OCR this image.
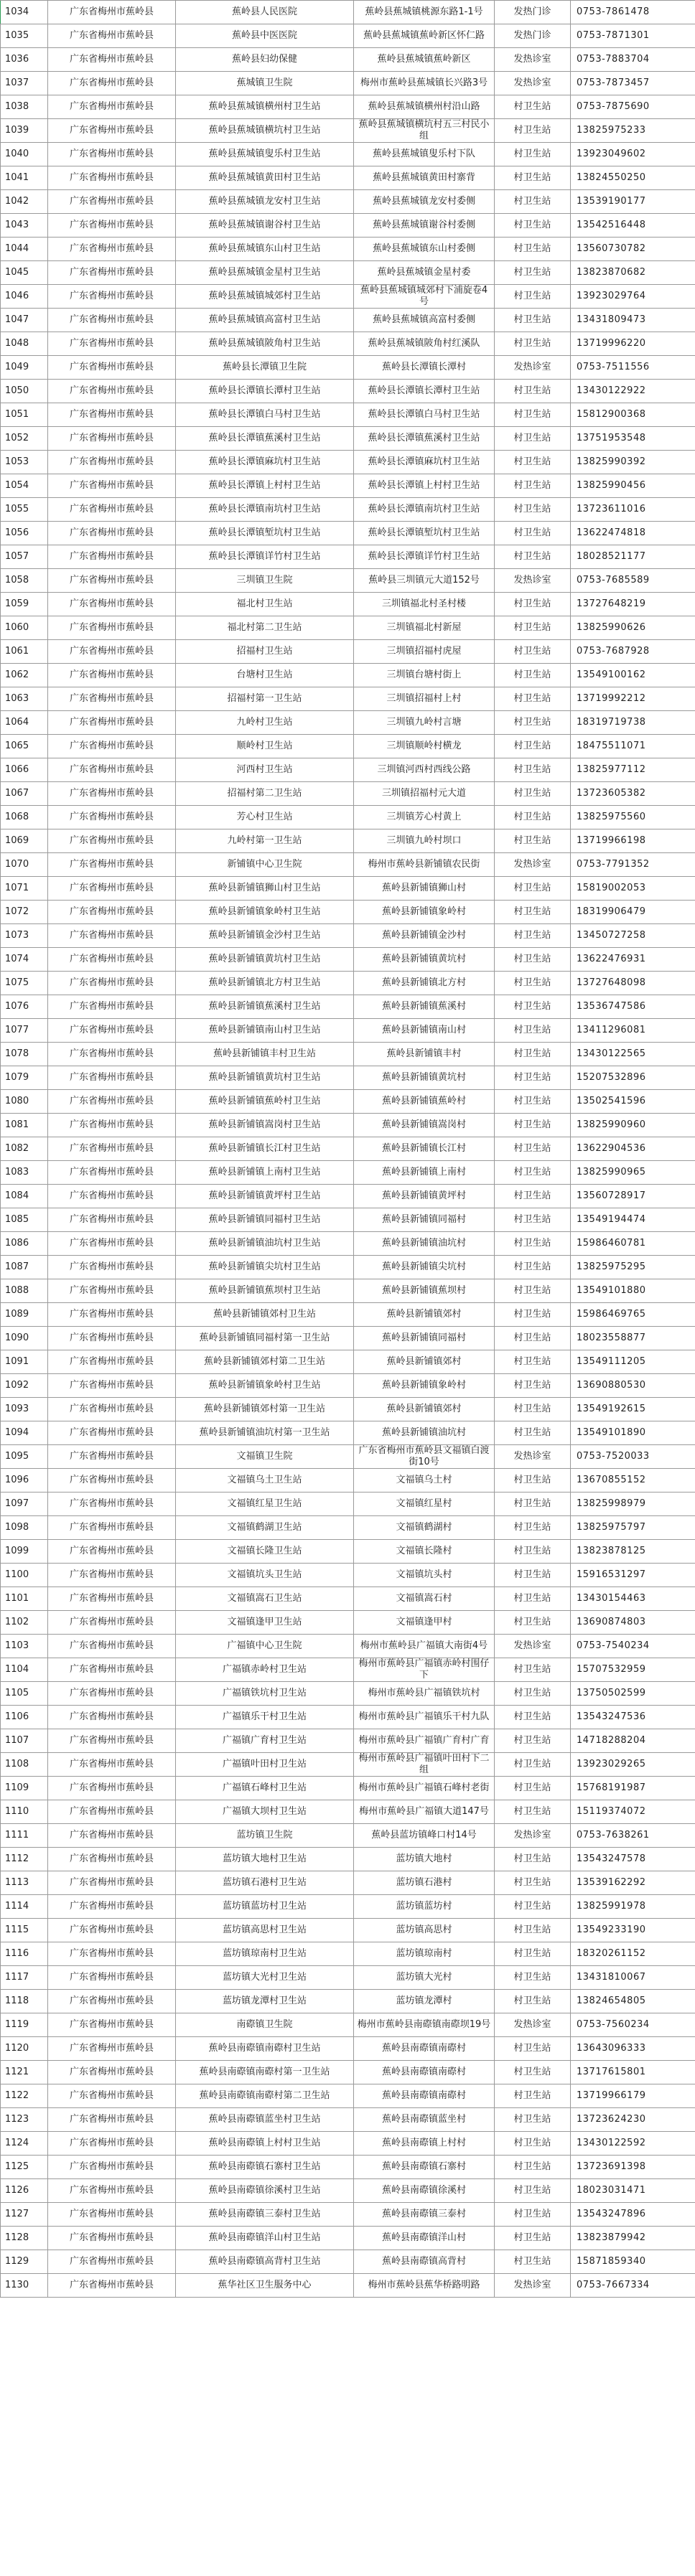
1034	广东省梅州市蕉岭县	蕉岭县人民医院	蕉岭县蕉城镇桃源东路1-1号	发热门诊	0753-7861478
1035	广东省梅州市蕉岭县	蕉岭县中医医院	蕉岭县蕉城镇蕉岭新区怀仁路	发热门诊	0753-7871301
1036	广东省梅州市蕉岭县	蕉岭县妇幼保健	蕉岭县蕉城镇蕉岭新区	发热诊室	0753-7883704
1037	广东省梅州市蕉岭县	蕉城镇卫生院	梅州市蕉岭县蕉城镇长兴路3号	发热诊室	0753-7873457
1038	广东省梅州市蕉岭县	蕉岭县蕉城镇横州村卫生站	蕉岭县蕉城镇横州村沿山路	村卫生站	0753-7875690
1039	广东省梅州市蕉岭县	蕉岭县蕉城镇横坑村卫生站	蕉岭县蕉城镇横坑村五三村民小组	村卫生站	13825975233
1040	广东省梅州市蕉岭县	蕉岭县蕉城镇叟乐村卫生站	蕉岭县蕉城镇叟乐村下队	村卫生站	13923049602
1041	广东省梅州市蕉岭县	蕉岭县蕉城镇黄田村卫生站	蕉岭县蕉城镇黄田村寨背	村卫生站	13824550250
1042	广东省梅州市蕉岭县	蕉岭县蕉城镇龙安村卫生站	蕉岭县蕉城镇龙安村委侧	村卫生站	13539190177
1043	广东省梅州市蕉岭县	蕉岭县蕉城镇谢谷村卫生站	蕉岭县蕉城镇谢谷村委侧	村卫生站	13542516448
1044	广东省梅州市蕉岭县	蕉岭县蕉城镇东山村卫生站	蕉岭县蕉城镇东山村委侧	村卫生站	13560730782
1045	广东省梅州市蕉岭县	蕉岭县蕉城镇金星村卫生站	蕉岭县蕉城镇金星村委	村卫生站	13823870682
1046	广东省梅州市蕉岭县	蕉岭县蕉城镇城郊村卫生站	蕉岭县蕉城镇城郊村下浦旋卷4号	村卫生站	13923029764
1047	广东省梅州市蕉岭县	蕉岭县蕉城镇高富村卫生站	蕉岭县蕉城镇高富村委侧	村卫生站	13431809473
1048	广东省梅州市蕉岭县	蕉岭县蕉城镇陂角村卫生站	蕉岭县蕉城镇陂角村红溪队	村卫生站	13719996220
1049	广东省梅州市蕉岭县	蕉岭县长潭镇卫生院	蕉岭县长潭镇长潭村	发热诊室	0753-7511556
1050	广东省梅州市蕉岭县	蕉岭县长潭镇长潭村卫生站	蕉岭县长潭镇长潭村卫生站	村卫生站	13430122922
1051	广东省梅州市蕉岭县	蕉岭县长潭镇白马村卫生站	蕉岭县长潭镇白马村卫生站	村卫生站	15812900368
1052	广东省梅州市蕉岭县	蕉岭县长潭镇蕉溪村卫生站	蕉岭县长潭镇蕉溪村卫生站	村卫生站	13751953548
1053	广东省梅州市蕉岭县	蕉岭县长潭镇麻坑村卫生站	蕉岭县长潭镇麻坑村卫生站	村卫生站	13825990392
1054	广东省梅州市蕉岭县	蕉岭县长潭镇上村村卫生站	蕉岭县长潭镇上村村卫生站	村卫生站	13825990456
1055	广东省梅州市蕉岭县	蕉岭县长潭镇南坑村卫生站	蕉岭县长潭镇南坑村卫生站	村卫生站	13723611016
1056	广东省梅州市蕉岭县	蕉岭县长潭镇堑坑村卫生站	蕉岭县长潭镇堑坑村卫生站	村卫生站	13622474818
1057	广东省梅州市蕉岭县	蕉岭县长潭镇详竹村卫生站	蕉岭县长潭镇详竹村卫生站	村卫生站	18028521177
1058	广东省梅州市蕉岭县	三圳镇卫生院	蕉岭县三圳镇元大道152号	发热诊室	0753-7685589
1059	广东省梅州市蕉岭县	福北村卫生站	三圳镇福北村圣村楼	村卫生站	13727648219
1060	广东省梅州市蕉岭县	福北村第二卫生站	三圳镇福北村新屋	村卫生站	13825990626
1061	广东省梅州市蕉岭县	招福村卫生站	三圳镇招福村虎屋	村卫生站	0753-7687928
1062	广东省梅州市蕉岭县	台塘村卫生站	三圳镇台塘村街上	村卫生站	13549100162
1063	广东省梅州市蕉岭县	招福村第一卫生站	三圳镇招福村上村	村卫生站	13719992212
1064	广东省梅州市蕉岭县	九岭村卫生站	三圳镇九岭村言塘	村卫生站	18319719738
1065	广东省梅州市蕉岭县	顺岭村卫生站	三圳镇顺岭村横龙	村卫生站	18475511071
1066	广东省梅州市蕉岭县	河西村卫生站	三圳镇河西村西线公路	村卫生站	13825977112
1067	广东省梅州市蕉岭县	招福村第二卫生站	三圳镇招福村元大道	村卫生站	13723605382
1068	广东省梅州市蕉岭县	芳心村卫生站	三圳镇芳心村黄上	村卫生站	13825975560
1069	广东省梅州市蕉岭县	九岭村第一卫生站	三圳镇九岭村坝口	村卫生站	13719966198
1070	广东省梅州市蕉岭县	新铺镇中心卫生院	梅州市蕉岭县新铺镇农民街	发热诊室	0753-7791352
1071	广东省梅州市蕉岭县	蕉岭县新铺镇狮山村卫生站	蕉岭县新铺镇狮山村	村卫生站	15819002053
1072	广东省梅州市蕉岭县	蕉岭县新铺镇象岭村卫生站	蕉岭县新铺镇象岭村	村卫生站	18319906479
1073	广东省梅州市蕉岭县	蕉岭县新铺镇金沙村卫生站	蕉岭县新铺镇金沙村	村卫生站	13450727258
1074	广东省梅州市蕉岭县	蕉岭县新铺镇黄坑村卫生站	蕉岭县新铺镇黄坑村	村卫生站	13622476931
1075	广东省梅州市蕉岭县	蕉岭县新铺镇北方村卫生站	蕉岭县新铺镇北方村	村卫生站	13727648098
1076	广东省梅州市蕉岭县	蕉岭县新铺镇蕉溪村卫生站	蕉岭县新铺镇蕉溪村	村卫生站	13536747586
1077	广东省梅州市蕉岭县	蕉岭县新铺镇南山村卫生站	蕉岭县新铺镇南山村	村卫生站	13411296081
1078	广东省梅州市蕉岭县	蕉岭县新铺镇丰村卫生站	蕉岭县新铺镇丰村	村卫生站	13430122565
1079	广东省梅州市蕉岭县	蕉岭县新铺镇黄坑村卫生站	蕉岭县新铺镇黄坑村	村卫生站	15207532896
1080	广东省梅州市蕉岭县	蕉岭县新铺镇蕉岭村卫生站	蕉岭县新铺镇蕉岭村	村卫生站	13502541596
1081	广东省梅州市蕉岭县	蕉岭县新铺镇嵩岗村卫生站	蕉岭县新铺镇嵩岗村	村卫生站	13825990960
1082	广东省梅州市蕉岭县	蕉岭县新铺镇长江村卫生站	蕉岭县新铺镇长江村	村卫生站	13622904536
1083	广东省梅州市蕉岭县	蕉岭县新铺镇上南村卫生站	蕉岭县新铺镇上南村	村卫生站	13825990965
1084	广东省梅州市蕉岭县	蕉岭县新铺镇黄坪村卫生站	蕉岭县新铺镇黄坪村	村卫生站	13560728917
1085	广东省梅州市蕉岭县	蕉岭县新铺镇同福村卫生站	蕉岭县新铺镇同福村	村卫生站	13549194474
1086	广东省梅州市蕉岭县	蕉岭县新铺镇油坑村卫生站	蕉岭县新铺镇油坑村	村卫生站	15986460781
1087	广东省梅州市蕉岭县	蕉岭县新铺镇尖坑村卫生站	蕉岭县新铺镇尖坑村	村卫生站	13825975295
1088	广东省梅州市蕉岭县	蕉岭县新铺镇蕉坝村卫生站	蕉岭县新铺镇蕉坝村	村卫生站	13549101880
1089	广东省梅州市蕉岭县	蕉岭县新铺镇郊村卫生站	蕉岭县新铺镇郊村	村卫生站	15986469765
1090	广东省梅州市蕉岭县	蕉岭县新铺镇同福村第一卫生站	蕉岭县新铺镇同福村	村卫生站	18023558877
1091	广东省梅州市蕉岭县	蕉岭县新铺镇郊村第二卫生站	蕉岭县新铺镇郊村	村卫生站	13549111205
1092	广东省梅州市蕉岭县	蕉岭县新铺镇象岭村卫生站	蕉岭县新铺镇象岭村	村卫生站	13690880530
1093	广东省梅州市蕉岭县	蕉岭县新铺镇郊村第一卫生站	蕉岭县新铺镇郊村	村卫生站	13549192615
1094	广东省梅州市蕉岭县	蕉岭县新铺镇油坑村第一卫生站	蕉岭县新铺镇油坑村	村卫生站	13549101890
1095	广东省梅州市蕉岭县	文福镇卫生院	广东省梅州市蕉岭县文福镇白渡街10号	发热诊室	0753-7520033
1096	广东省梅州市蕉岭县	文福镇乌土卫生站	文福镇乌土村	村卫生站	13670855152
1097	广东省梅州市蕉岭县	文福镇红星卫生站	文福镇红星村	村卫生站	13825998979
1098	广东省梅州市蕉岭县	文福镇鹤湖卫生站	文福镇鹤湖村	村卫生站	13825975797
1099	广东省梅州市蕉岭县	文福镇长隆卫生站	文福镇长隆村	村卫生站	13823878125
1100	广东省梅州市蕉岭县	文福镇坑头卫生站	文福镇坑头村	村卫生站	15916531297
1101	广东省梅州市蕉岭县	文福镇嵩石卫生站	文福镇嵩石村	村卫生站	13430154463
1102	广东省梅州市蕉岭县	文福镇逢甲卫生站	文福镇逢甲村	村卫生站	13690874803
1103	广东省梅州市蕉岭县	广福镇中心卫生院	梅州市蕉岭县广福镇大南街4号	发热诊室	0753-7540234
1104	广东省梅州市蕉岭县	广福镇赤岭村卫生站	梅州市蕉岭县广福镇赤岭村围仔下	村卫生站	15707532959
1105	广东省梅州市蕉岭县	广福镇铁坑村卫生站	梅州市蕉岭县广福镇铁坑村	村卫生站	13750502599
1106	广东省梅州市蕉岭县	广福镇乐干村卫生站	梅州市蕉岭县广福镇乐干村九队	村卫生站	13543247536
1107	广东省梅州市蕉岭县	广福镇广育村卫生站	梅州市蕉岭县广福镇广育村广育	村卫生站	14718288204
1108	广东省梅州市蕉岭县	广福镇叶田村卫生站	梅州市蕉岭县广福镇叶田村下二组	村卫生站	13923029265
1109	广东省梅州市蕉岭县	广福镇石峰村卫生站	梅州市蕉岭县广福镇石峰村老街	村卫生站	15768191987
1110	广东省梅州市蕉岭县	广福镇大坝村卫生站	梅州市蕉岭县广福镇大道147号	村卫生站	15119374072
1111	广东省梅州市蕉岭县	蓝坊镇卫生院	蕉岭县蓝坊镇峰口村14号	发热诊室	0753-7638261
1112	广东省梅州市蕉岭县	蓝坊镇大地村卫生站	蓝坊镇大地村	村卫生站	13543247578
1113	广东省梅州市蕉岭县	蓝坊镇石港村卫生站	蓝坊镇石港村	村卫生站	13539162292
1114	广东省梅州市蕉岭县	蓝坊镇蓝坊村卫生站	蓝坊镇蓝坊村	村卫生站	13825991978
1115	广东省梅州市蕉岭县	蓝坊镇高思村卫生站	蓝坊镇高思村	村卫生站	13549233190
1116	广东省梅州市蕉岭县	蓝坊镇琼南村卫生站	蓝坊镇琼南村	村卫生站	18320261152
1117	广东省梅州市蕉岭县	蓝坊镇大光村卫生站	蓝坊镇大光村	村卫生站	13431810067
1118	广东省梅州市蕉岭县	蓝坊镇龙潭村卫生站	蓝坊镇龙潭村	村卫生站	13824654805
1119	广东省梅州市蕉岭县	南磜镇卫生院	梅州市蕉岭县南磜镇南磜坝19号	发热诊室	0753-7560234
1120	广东省梅州市蕉岭县	蕉岭县南磜镇南磜村卫生站	蕉岭县南磜镇南磜村	村卫生站	13643096333
1121	广东省梅州市蕉岭县	蕉岭县南磜镇南磜村第一卫生站	蕉岭县南磜镇南磜村	村卫生站	13717615801
1122	广东省梅州市蕉岭县	蕉岭县南磜镇南磜村第二卫生站	蕉岭县南磜镇南磜村	村卫生站	13719966179
1123	广东省梅州市蕉岭县	蕉岭县南磜镇蓝坐村卫生站	蕉岭县南磜镇蓝坐村	村卫生站	13723624230
1124	广东省梅州市蕉岭县	蕉岭县南磜镇上村村卫生站	蕉岭县南磜镇上村村	村卫生站	13430122592
1125	广东省梅州市蕉岭县	蕉岭县南磜镇石寨村卫生站	蕉岭县南磜镇石寨村	村卫生站	13723691398
1126	广东省梅州市蕉岭县	蕉岭县南磜镇徐溪村卫生站	蕉岭县南磜镇徐溪村	村卫生站	18023031471
1127	广东省梅州市蕉岭县	蕉岭县南磜镇三泰村卫生站	蕉岭县南磜镇三泰村	村卫生站	13543247896
1128	广东省梅州市蕉岭县	蕉岭县南磜镇洋山村卫生站	蕉岭县南磜镇洋山村	村卫生站	13823879942
1129	广东省梅州市蕉岭县	蕉岭县南磜镇高背村卫生站	蕉岭县南磜镇高背村	村卫生站	15871859340
1130	广东省梅州市蕉岭县	蕉华社区卫生服务中心	梅州市蕉岭县蕉华桥路明路	发热诊室	0753-7667334
